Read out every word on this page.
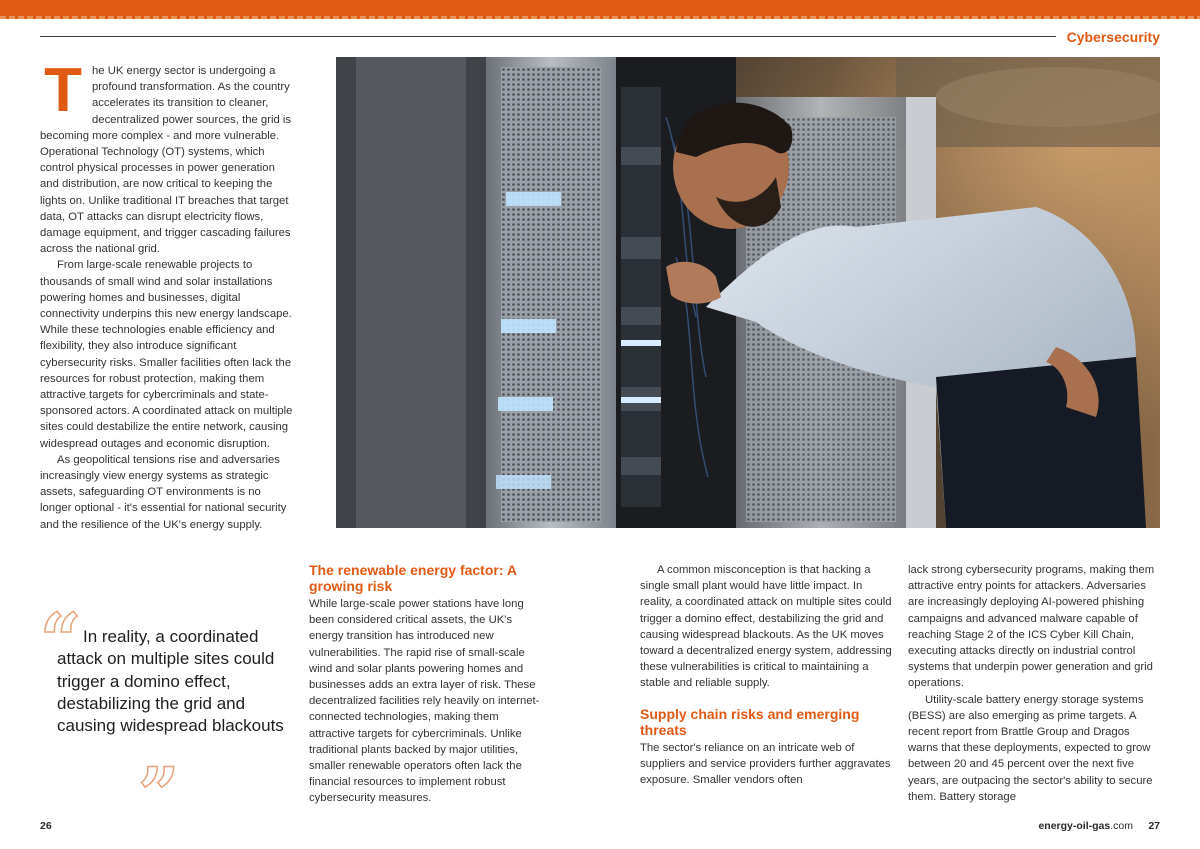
Cybersecurity
T he UK energy sector is undergoing a profound transformation. As the country accelerates its transition to cleaner, decentralized power sources, the grid is becoming more complex - and more vulnerable. Operational Technology (OT) systems, which control physical processes in power generation and distribution, are now critical to keeping the lights on. Unlike traditional IT breaches that target data, OT attacks can disrupt electricity flows, damage equipment, and trigger cascading failures across the national grid.

From large-scale renewable projects to thousands of small wind and solar installations powering homes and businesses, digital connectivity underpins this new energy landscape. While these technologies enable efficiency and flexibility, they also introduce significant cybersecurity risks. Smaller facilities often lack the resources for robust protection, making them attractive targets for cybercriminals and state-sponsored actors. A coordinated attack on multiple sites could destabilize the entire network, causing widespread outages and economic disruption.

As geopolitical tensions rise and adversaries increasingly view energy systems as strategic assets, safeguarding OT environments is no longer optional - it's essential for national security and the resilience of the UK's energy supply.

“ In reality, a coordinated attack on multiple sites could trigger a domino effect, destabilizing the grid and causing widespread blackouts
”
The renewable energy factor: A growing risk

While large-scale power stations have long been considered critical assets, the UK's energy transition has introduced new vulnerabilities. The rapid rise of small-scale wind and solar plants powering homes and businesses adds an extra layer of risk. These decentralized facilities rely heavily on internet-connected technologies, making them attractive targets for cybercriminals. Unlike traditional plants backed by major utilities, smaller renewable operators often lack the financial resources to implement robust cybersecurity measures.

A common misconception is that hacking a single small plant would have little impact. In reality, a coordinated attack on multiple sites could trigger a domino effect, destabilizing the grid and causing widespread blackouts. As the UK moves toward a decentralized energy system, addressing these vulnerabilities is critical to maintaining a stable and reliable supply.

Supply chain risks and emerging threats

The sector's reliance on an intricate web of suppliers and service providers further aggravates exposure. Smaller vendors often

lack strong cybersecurity programs, making them attractive entry points for attackers. Adversaries are increasingly deploying AI-powered phishing campaigns and advanced malware capable of reaching Stage 2 of the ICS Cyber Kill Chain, executing attacks directly on industrial control systems that underpin power generation and grid operations.

Utility-scale battery energy storage systems (BESS) are also emerging as prime targets. A recent report from Brattle Group and Dragos warns that these deployments, expected to grow between 20 and 45 percent over the next five years, are outpacing the sector's ability to secure them. Battery storage

26	energy-oil-gas.com 27
